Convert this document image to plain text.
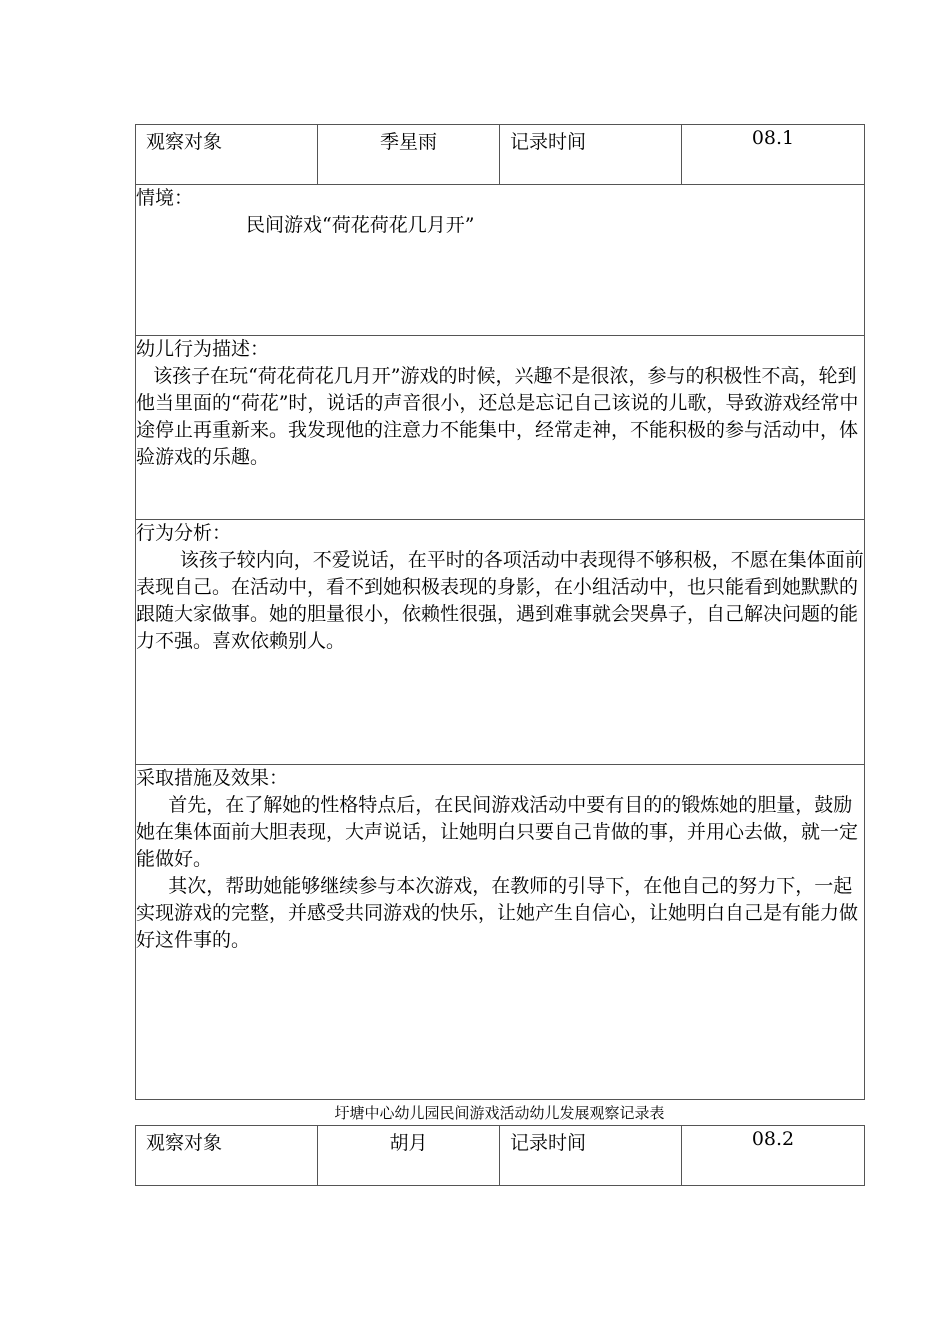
观察对象	季星雨	记录时间	08.1

情境：
民间游戏“荷花荷花几月开”

幼儿行为描述：

该孩子在玩“荷花荷花几月开”游戏的时候，兴趣不是很浓，参与的积极性不高，轮到他当里面的“荷花”时，说话的声音很小，还总是忘记自己该说的儿歌，导致游戏经常中途停止再重新来。我发现他的注意力不能集中，经常走神，不能积极的参与活动中，体验游戏的乐趣。

行为分析：

该孩子较内向，不爱说话，在平时的各项活动中表现得不够积极，不愿在集体面前表现自己。在活动中，看不到她积极表现的身影，在小组活动中，也只能看到她默默的跟随大家做事。她的胆量很小，依赖性很强，遇到难事就会哭鼻子，自己解决问题的能力不强。喜欢依赖别人。

采取措施及效果：

首先，在了解她的性格特点后，在民间游戏活动中要有目的的锻炼她的胆量，鼓励她在集体面前大胆表现，大声说话，让她明白只要自己肯做的事，并用心去做，就一定能做好。

其次，帮助她能够继续参与本次游戏，在教师的引导下，在他自己的努力下，一起实现游戏的完整，并感受共同游戏的快乐，让她产生自信心，让她明白自己是有能力做好这件事的。

圩塘中心幼儿园民间游戏活动幼儿发展观察记录表
观察对象	胡月	记录时间	08.2
